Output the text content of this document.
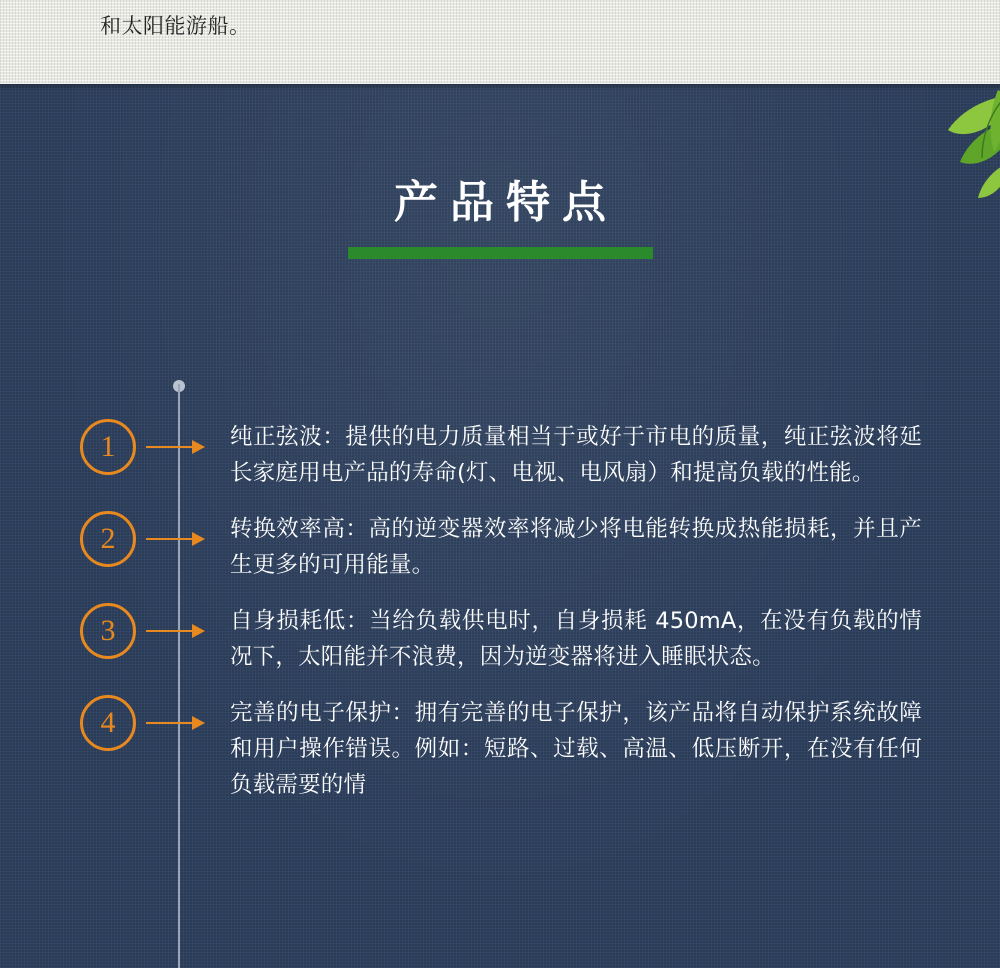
和太阳能游船。
产品特点
1	纯正弦波：提供的电力质量相当于或好于市电的质量，纯正弦波将延长家庭用电产品的寿命(灯、电视、电风扇）和提高负载的性能。
2	转换效率高：高的逆变器效率将减少将电能转换成热能损耗，并且产生更多的可用能量。
3	自身损耗低：当给负载供电时，自身损耗 450mA，在没有负载的情况下，太阳能并不浪费，因为逆变器将进入睡眠状态。
4	完善的电子保护：拥有完善的电子保护，该产品将自动保护系统故障和用户操作错误。例如：短路、过载、高温、低压断开，在没有任何负载需要的情
